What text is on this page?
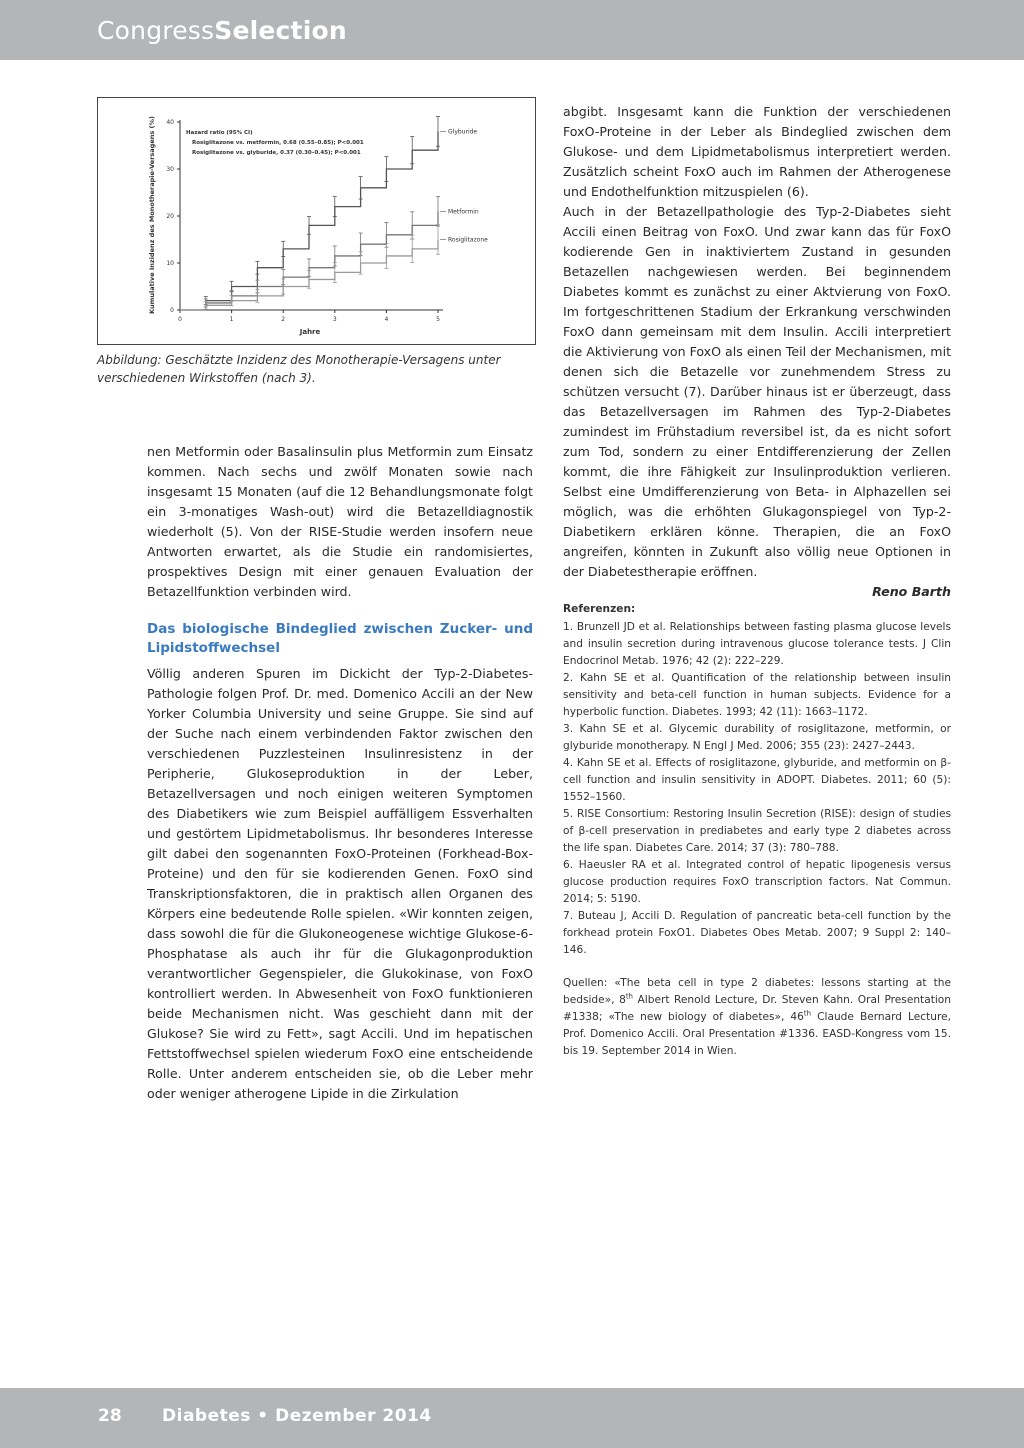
CongressSelection
0
10
20
30
40
0	1	2	3	4	5
Glyburide
Metformin
Rosiglitazone
Hazard ratio (95% CI)
Rosiglitazone vs. metformin, 0.68 (0.55–0.85); P<0.001
Rosiglitazone vs. glyburide, 0.37 (0.30–0.45); P<0.001
Jahre
Kumulative Inzidenz des Monotherapie-Versagens (%)
Abbildung: Geschätzte Inzidenz des Monotherapie-Versagens unter verschiedenen Wirkstoffen (nach 3).

nen Metformin oder Basalinsulin plus Metformin zum Einsatz kommen. Nach sechs und zwölf Monaten sowie nach insgesamt 15 Monaten (auf die 12 Behandlungsmonate folgt ein 3-monatiges Wash-out) wird die Betazelldiagnostik wiederholt (5). Von der RISE-Studie werden insofern neue Antworten erwartet, als die Studie ein randomisiertes, prospektives Design mit einer genauen Evaluation der Betazellfunktion verbinden wird.

Das biologische Bindeglied zwischen Zucker- und Lipidstoffwechsel

Völlig anderen Spuren im Dickicht der Typ-2-Diabetes-Pathologie folgen Prof. Dr. med. Domenico Accili an der New Yorker Columbia University und seine Gruppe. Sie sind auf der Suche nach einem verbindenden Faktor zwischen den verschiedenen Puzzlesteinen Insulinresistenz in der Peripherie, Glukoseproduktion in der Leber, Betazellversagen und noch einigen weiteren Symptomen des Diabetikers wie zum Beispiel auffälligem Essverhalten und gestörtem Lipidmetabolismus. Ihr besonderes Interesse gilt dabei den sogenannten FoxO-Proteinen (Forkhead-Box-Proteine) und den für sie kodierenden Genen. FoxO sind Transkriptionsfaktoren, die in praktisch allen Organen des Körpers eine bedeutende Rolle spielen. «Wir konnten zeigen, dass sowohl die für die Glukoneogenese wichtige Glukose-6-Phosphatase als auch ihr für die Glukagonproduktion verantwortlicher Gegenspieler, die Glukokinase, von FoxO kontrolliert werden. In Abwesenheit von FoxO funktionieren beide Mechanismen nicht. Was geschieht dann mit der Glukose? Sie wird zu Fett», sagt Accili. Und im hepatischen Fettstoffwechsel spielen wiederum FoxO eine entscheidende Rolle. Unter anderem entscheiden sie, ob die Leber mehr oder weniger atherogene Lipide in die Zirkulation

abgibt. Insgesamt kann die Funktion der verschiedenen FoxO-Proteine in der Leber als Bindeglied zwischen dem Glukose- und dem Lipidmetabolismus interpretiert werden. Zusätzlich scheint FoxO auch im Rahmen der Atherogenese und Endothelfunktion mitzuspielen (6).

Auch in der Betazellpathologie des Typ-2-Diabetes sieht Accili einen Beitrag von FoxO. Und zwar kann das für FoxO kodierende Gen in inaktiviertem Zustand in gesunden Betazellen nachgewiesen werden. Bei beginnendem Diabetes kommt es zunächst zu einer Aktvierung von FoxO. Im fortgeschrittenen Stadium der Erkrankung verschwinden FoxO dann gemeinsam mit dem Insulin. Accili interpretiert die Aktivierung von FoxO als einen Teil der Mechanismen, mit denen sich die Betazelle vor zunehmendem Stress zu schützen versucht (7). Darüber hinaus ist er überzeugt, dass das Betazellversagen im Rahmen des Typ-2-Diabetes zumindest im Frühstadium reversibel ist, da es nicht sofort zum Tod, sondern zu einer Entdifferenzierung der Zellen kommt, die ihre Fähigkeit zur Insulinproduktion verlieren. Selbst eine Umdifferenzierung von Beta- in Alphazellen sei möglich, was die erhöhten Glukagonspiegel von Typ-2-Diabetikern erklären könne. Therapien, die an FoxO angreifen, könnten in Zukunft also völlig neue Optionen in der Diabetestherapie eröffnen.

Reno Barth

Referenzen:

1. Brunzell JD et al. Relationships between fasting plasma glucose levels and insulin secretion during intravenous glucose tolerance tests. J Clin Endocrinol Metab. 1976; 42 (2): 222–229.

2. Kahn SE et al. Quantification of the relationship between insulin sensitivity and beta-cell function in human subjects. Evidence for a hyperbolic function. Diabetes. 1993; 42 (11): 1663–1172.

3. Kahn SE et al. Glycemic durability of rosiglitazone, metformin, or glyburide monotherapy. N Engl J Med. 2006; 355 (23): 2427–2443.

4. Kahn SE et al. Effects of rosiglitazone, glyburide, and metformin on β-cell function and insulin sensitivity in ADOPT. Diabetes. 2011; 60 (5): 1552–1560.

5. RISE Consortium: Restoring Insulin Secretion (RISE): design of studies of β-cell preservation in prediabetes and early type 2 diabetes across the life span. Diabetes Care. 2014; 37 (3): 780–788.

6. Haeusler RA et al. Integrated control of hepatic lipogenesis versus glucose production requires FoxO transcription factors. Nat Commun. 2014; 5: 5190.

7. Buteau J, Accili D. Regulation of pancreatic beta-cell function by the forkhead protein FoxO1. Diabetes Obes Metab. 2007; 9 Suppl 2: 140–146.

Quellen: «The beta cell in type 2 diabetes: lessons starting at the bedside», 8th Albert Renold Lecture, Dr. Steven Kahn. Oral Presentation #1338; «The new biology of diabetes», 46th Claude Bernard Lecture, Prof. Domenico Accili. Oral Presentation #1336. EASD-Kongress vom 15. bis 19. September 2014 in Wien.

28 Diabetes • Dezember 2014
